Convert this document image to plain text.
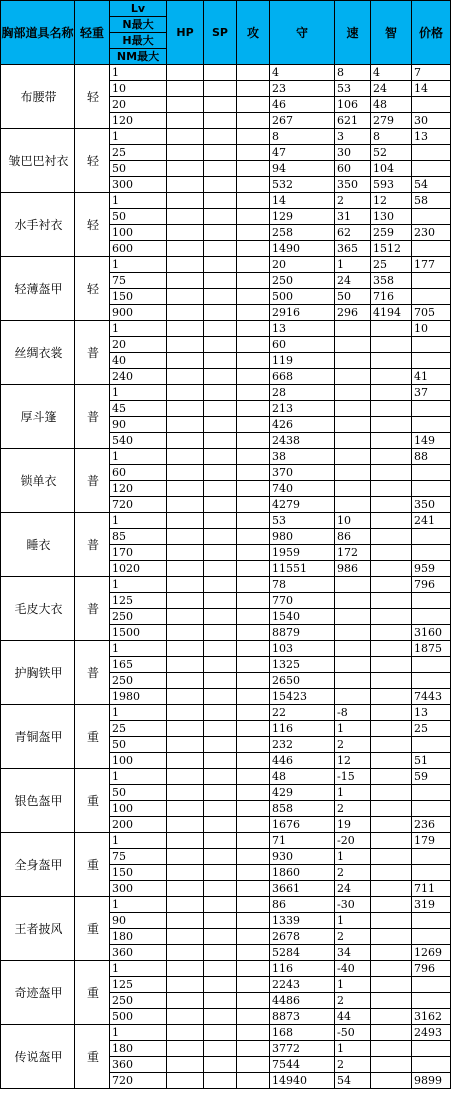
胸部道具名称	轻重	Lv	HP	SP	攻	守	速	智	价格
		N最大							
		H最大							
		NM最大							
布腰带	轻	1				4	8	4	7
		10				23	53	24	14
		20				46	106	48	
		120				267	621	279	30
皱巴巴衬衣	轻	1				8	3	8	13
		25				47	30	52	
		50				94	60	104	
		300				532	350	593	54
水手衬衣	轻	1				14	2	12	58
		50				129	31	130	
		100				258	62	259	230
		600				1490	365	1512	
轻薄盔甲	轻	1				20	1	25	177
		75				250	24	358	
		150				500	50	716	
		900				2916	296	4194	705
丝绸衣裳	普	1				13			10
		20				60			
		40				119			
		240				668			41
厚斗篷	普	1				28			37
		45				213			
		90				426			
		540				2438			149
锁单衣	普	1				38			88
		60				370			
		120				740			
		720				4279			350
睡衣	普	1				53	10		241
		85				980	86		
		170				1959	172		
		1020				11551	986		959
毛皮大衣	普	1				78			796
		125				770			
		250				1540			
		1500				8879			3160
护胸铁甲	普	1				103			1875
		165				1325			
		250				2650			
		1980				15423			7443
青铜盔甲	重	1				22	-8		13
		25				116	1		25
		50				232	2		
		100				446	12		51
银色盔甲	重	1				48	-15		59
		50				429	1		
		100				858	2		
		200				1676	19		236
全身盔甲	重	1				71	-20		179
		75				930	1		
		150				1860	2		
		300				3661	24		711
王者披风	重	1				86	-30		319
		90				1339	1		
		180				2678	2		
		360				5284	34		1269
奇迹盔甲	重	1				116	-40		796
		125				2243	1		
		250				4486	2		
		500				8873	44		3162
传说盔甲	重	1				168	-50		2493
		180				3772	1		
		360				7544	2		
		720				14940	54		9899
